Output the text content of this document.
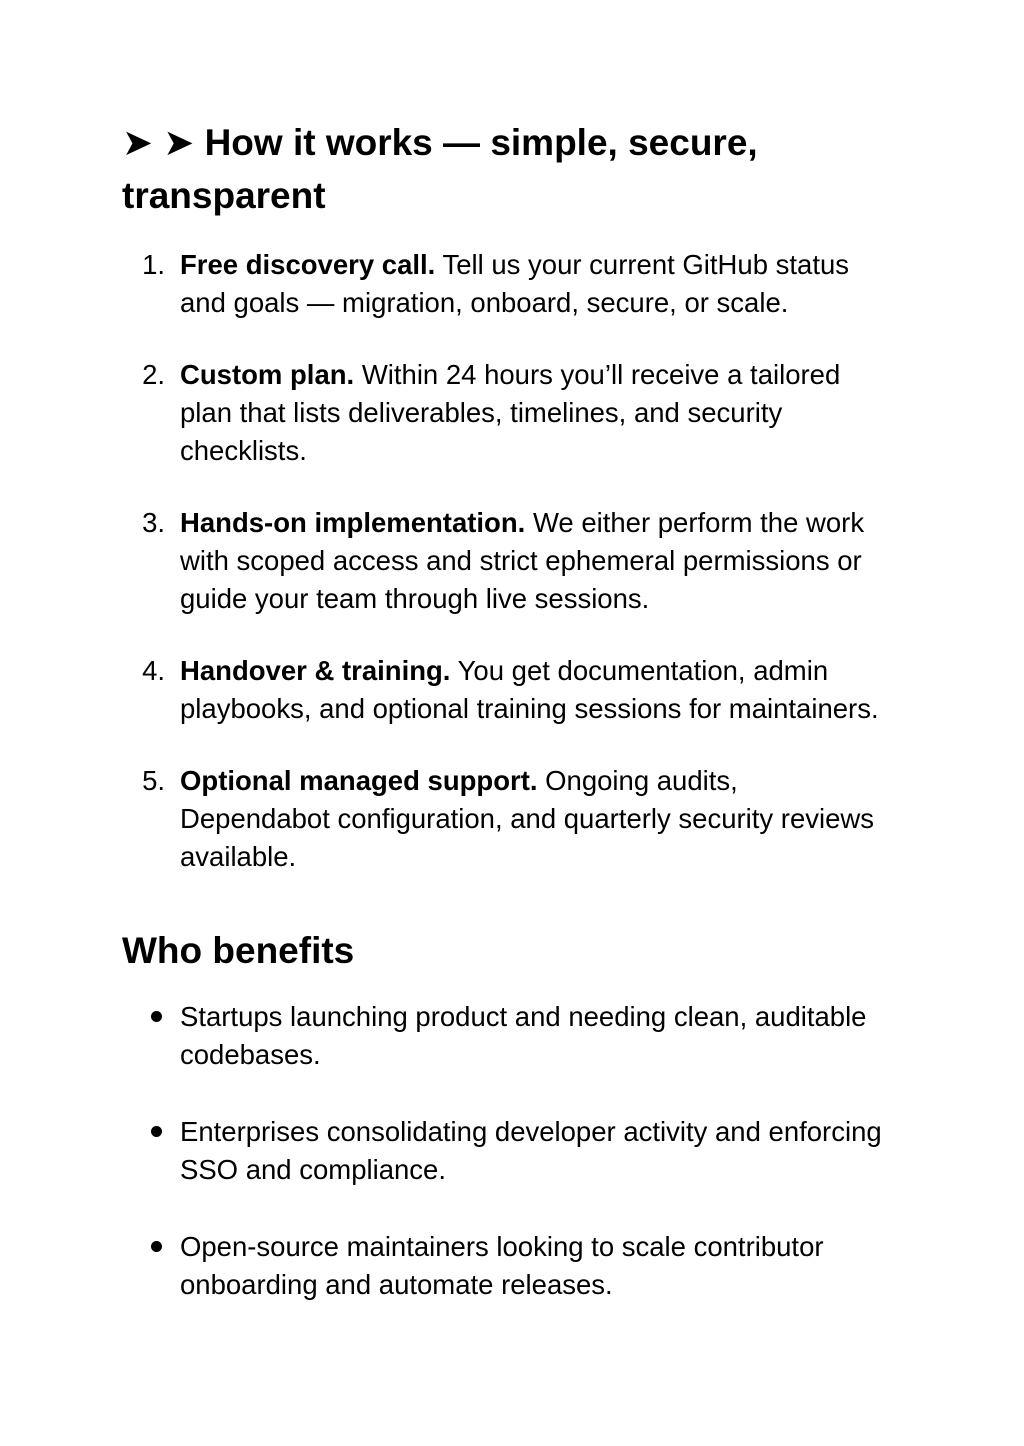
➤ ➤ How it works — simple, secure, transparent
1. Free discovery call. Tell us your current GitHub status and goals — migration, onboard, secure, or scale.
2. Custom plan. Within 24 hours you’ll receive a tailored plan that lists deliverables, timelines, and security checklists.
3. Hands-on implementation. We either perform the work with scoped access and strict ephemeral permissions or guide your team through live sessions.
4. Handover & training. You get documentation, admin playbooks, and optional training sessions for maintainers.
5. Optional managed support. Ongoing audits, Dependabot configuration, and quarterly security reviews available.
Who benefits
Startups launching product and needing clean, auditable codebases.
Enterprises consolidating developer activity and enforcing SSO and compliance.
Open-source maintainers looking to scale contributor onboarding and automate releases.
